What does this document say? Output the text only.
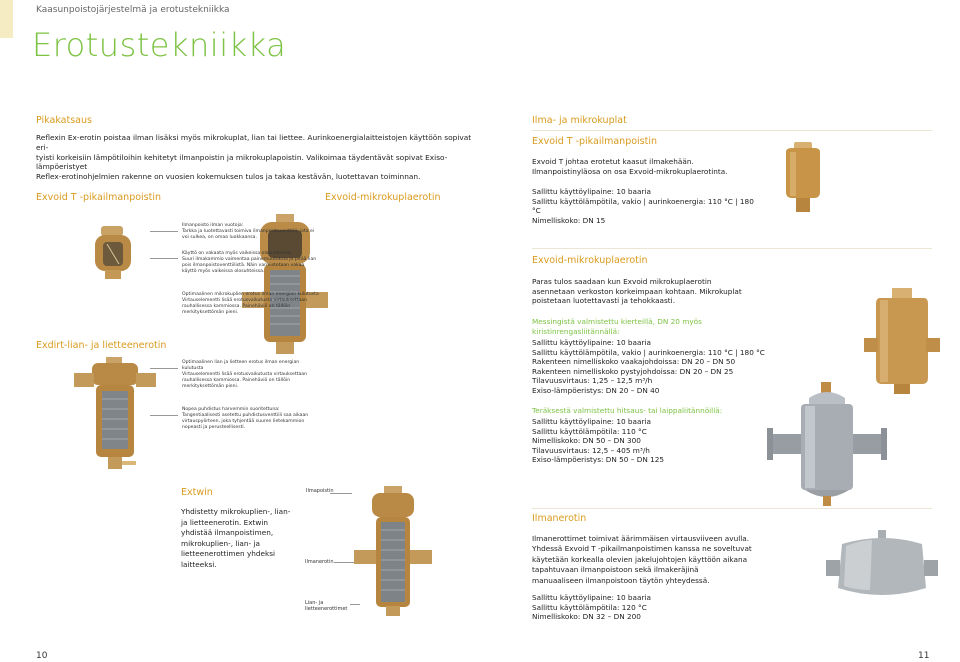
Kaasunpoistojärjestelmä ja erotustekniikka
Erotustekniikka
Pikakatsaus
Reflexin Ex-erotin poistaa ilman lisäksi myös mikrokuplat, lian tai liettee. Aurinkoenergialaitteistojen käyttöön sopivat eri-
tyisti korkeisiin lämpötiloihin kehitetyt ilmanpoistin ja mikrokuplapoistin. Valikoimaa täydentävät sopivat Exiso-lämpöeristyet
Reflex-erotinohjelmien rakenne on vuosien kokemuksen tulos ja takaa kestävän, luotettavan toiminnan.
Exvoid T -pikailmanpoistin	Exvoid-mikrokuplaerotin
Exdirt-lian- ja lietteenerotin
Ilmanpoisto ilman vuotoja:
Tarkka ja luotettavasti toimiva ilmanpoistoventtiili, jota ei voi sulkea, on omaa luokkaansa.
Käyttö on vakaata myös vaikeissa olosuhteissa:
Suuri ilmakammio vaimentaa painemuutoksia ja pitää lian pois ilmanpoistoventtiilistä. Näin varmistetaan vakaa käyttö myös vaikeissa olosuhteissa.
Optimaalinen mikrokuplien erotus ilman energian kulutusta
Virtauselementti lisää erotusvaikutusta virtauksettaan rauhallisessa kammiossa. Painehäviö on tällöin merkityksettömän pieni.
Optimaalinen lian ja lietteen erotus ilman energian kulutusta
Virtauselementti lisää erotusvaikutusta virtauksettaan rauhallisessa kammiossa. Painehäviö on tällöin merkityksettömän pieni.
Nopea puhdistus harvemmin suoritettuna:
Tangentiaalisesti asetettu puhdistusventtiili saa aikaan virtauspyörteen, joka tyhjentää suuren lietekammion nopeasti ja perusteellisesti.
Extwin
Yhdistetty mikrokuplien-, lian- ja lietteenerotin. Extwin yhdistää ilmanpoistimen, mikrokuplien-, lian- ja lietteenerottimen yhdeksi laitteeksi.
Ilmapoistin
Ilmanerotin
Lian- ja lietteenerottimet
10
Ilma- ja mikrokuplat
Exvoid T -pikailmanpoistin
Exvoid T johtaa erotetut kaasut ilmakehään. Ilmanpoistinyläosa on osa Exvoid-mikrokuplaerotinta.
Sallittu käyttöylipaine: 10 baaria
Sallittu käyttölämpötila, vakio | aurinkoenergia: 110 °C | 180 °C
Nimelliskoko: DN 15
Exvoid-mikrokuplaerotin
Paras tulos saadaan kun Exvoid mikrokuplaerotin asennetaan verkoston korkeimpaan kohtaan. Mikrokuplat poistetaan luotettavasti ja tehokkaasti.
Messingistä valmistettu kierteillä, DN 20 myös kiristinrengasliitännällä:
Sallittu käyttöylipaine: 10 baaria
Sallittu käyttölämpötila, vakio | aurinkoenergia: 110 °C | 180 °C
Rakenteen nimelliskoko vaakajohdoissa: DN 20 – DN 50
Rakenteen nimelliskoko pystyjohdoissa: DN 20 – DN 25
Tilavuusvirtaus: 1,25 – 12,5 m³/h
Exiso-lämpöeristys: DN 20 – DN 40
Teräksestä valmistettu hitsaus- tai laippaliitännöillä:
Sallittu käyttöylipaine: 10 baaria
Sallittu käyttölämpötila: 110 °C
Nimelliskoko: DN 50 – DN 300
Tilavuusvirtaus: 12,5 – 405 m³/h
Exiso-lämpöeristys: DN 50 – DN 125
Ilmanerotin
Ilmanerottimet toimivat äärimmäisen virtausviiveen avulla. Yhdessä Exvoid T -pikailmanpoistimen kanssa ne soveltuvat käytetään korkealla olevien jakelujohtojen käyttöön aikana tapahtuvaan ilmanpoistoon sekä ilmakeräjinä manuaaliseen ilmanpoistoon täytön yhteydessä.
Sallittu käyttöylipaine: 10 baaria
Sallittu käyttölämpötila: 120 °C
Nimelliskoko: DN 32 – DN 200
11
